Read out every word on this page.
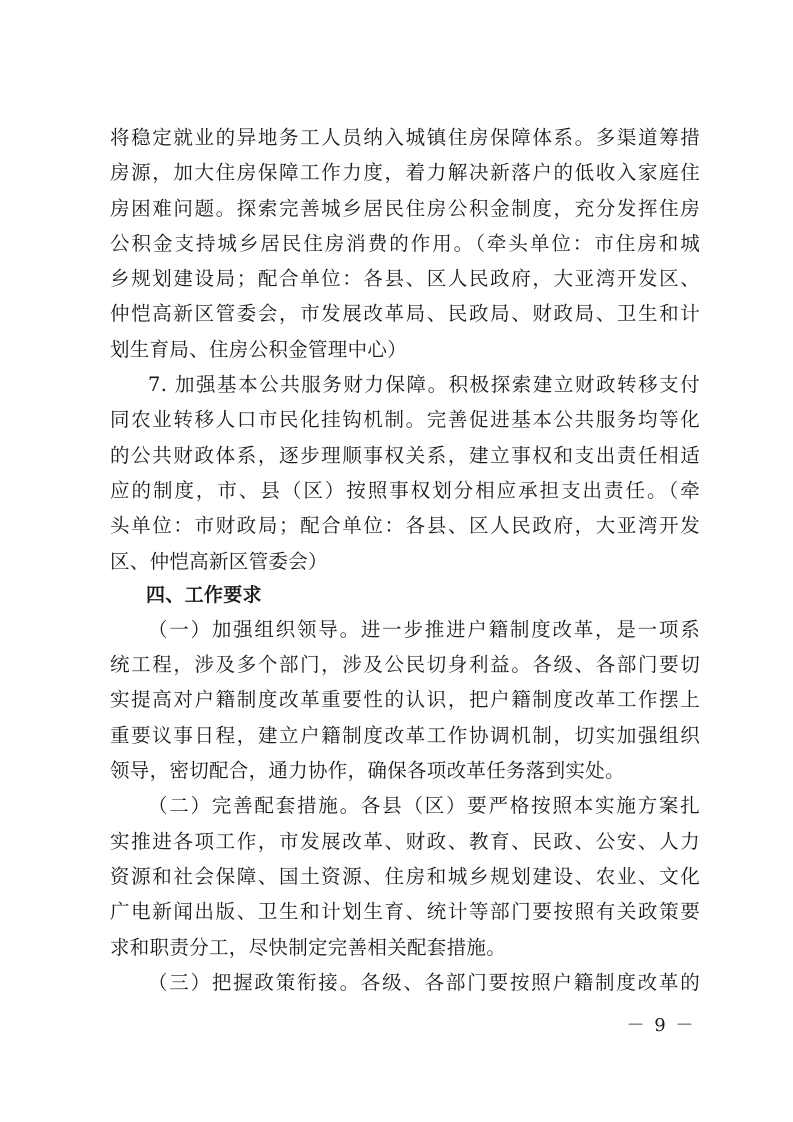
将稳定就业的异地务工人员纳入城镇住房保障体系。多渠道筹措
房源，加大住房保障工作力度，着力解决新落户的低收入家庭住
房困难问题。探索完善城乡居民住房公积金制度，充分发挥住房
公积金支持城乡居民住房消费的作用。（牵头单位：市住房和城
乡规划建设局；配合单位：各县、区人民政府，大亚湾开发区、
仲恺高新区管委会，市发展改革局、民政局、财政局、卫生和计
划生育局、住房公积金管理中心）
7. 加强基本公共服务财力保障。积极探索建立财政转移支付
同农业转移人口市民化挂钩机制。完善促进基本公共服务均等化
的公共财政体系，逐步理顺事权关系，建立事权和支出责任相适
应的制度，市、县（区）按照事权划分相应承担支出责任。（牵
头单位：市财政局；配合单位：各县、区人民政府，大亚湾开发
区、仲恺高新区管委会）
四、工作要求
（一）加强组织领导。进一步推进户籍制度改革，是一项系
统工程，涉及多个部门，涉及公民切身利益。各级、各部门要切
实提高对户籍制度改革重要性的认识，把户籍制度改革工作摆上
重要议事日程，建立户籍制度改革工作协调机制，切实加强组织
领导，密切配合，通力协作，确保各项改革任务落到实处。
（二）完善配套措施。各县（区）要严格按照本实施方案扎
实推进各项工作，市发展改革、财政、教育、民政、公安、人力
资源和社会保障、国土资源、住房和城乡规划建设、农业、文化
广电新闻出版、卫生和计划生育、统计等部门要按照有关政策要
求和职责分工，尽快制定完善相关配套措施。
（三）把握政策衔接。各级、各部门要按照户籍制度改革的
－ 9 －
